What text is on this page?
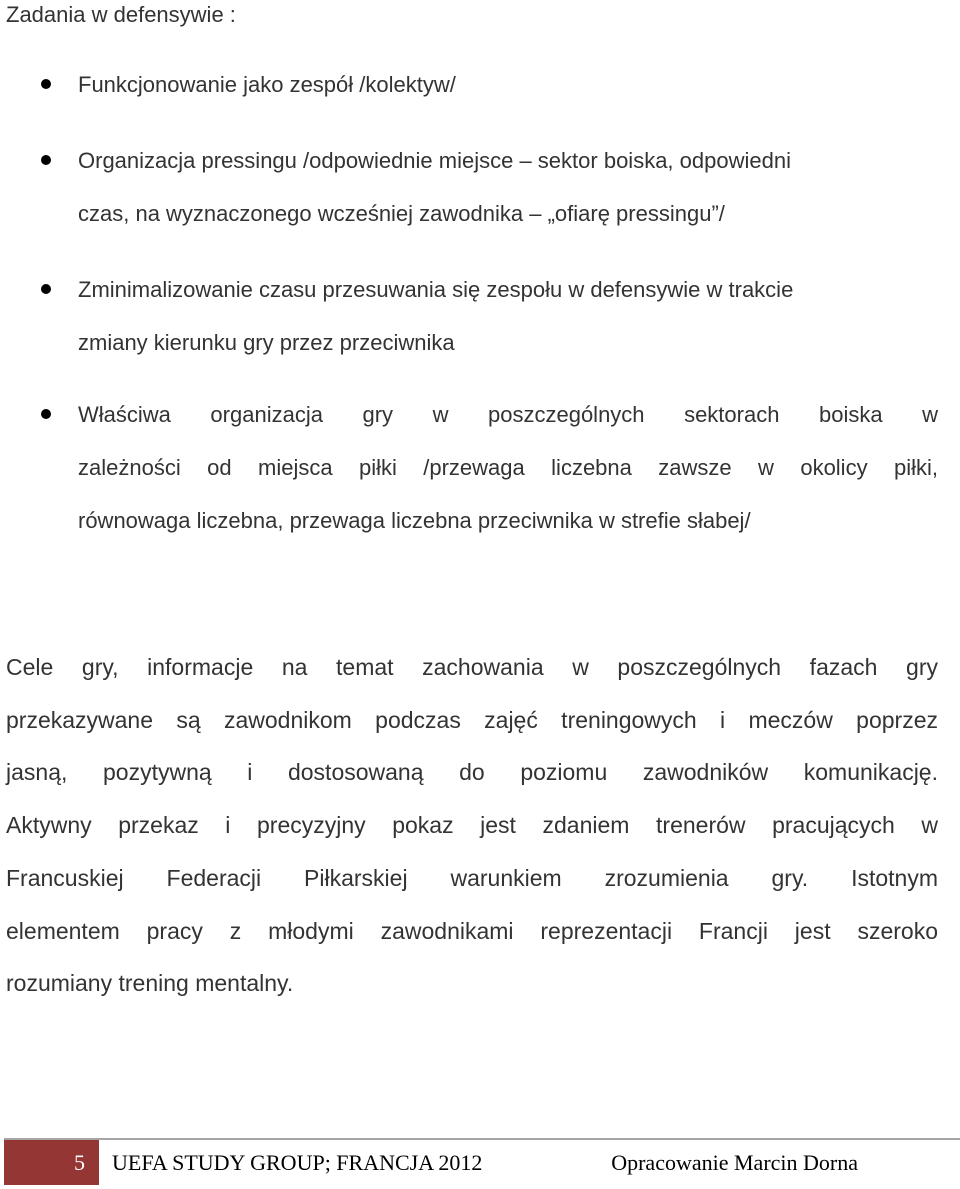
Zadania w defensywie :
Funkcjonowanie jako zespół /kolektyw/
Organizacja pressingu /odpowiednie miejsce – sektor boiska, odpowiedni
czas, na wyznaczonego wcześniej zawodnika – „ofiarę pressingu”/
Zminimalizowanie czasu przesuwania się zespołu w defensywie w trakcie
zmiany kierunku gry przez przeciwnika
Właściwa organizacja gry w poszczególnych sektorach boiska w
zależności od miejsca piłki /przewaga liczebna zawsze w okolicy piłki,
równowaga liczebna, przewaga liczebna przeciwnika w strefie słabej/
Cele gry, informacje na temat zachowania w poszczególnych fazach gry
przekazywane są zawodnikom podczas zajęć treningowych i meczów poprzez
jasną, pozytywną i dostosowaną do poziomu zawodników komunikację.
Aktywny przekaz i precyzyjny pokaz jest zdaniem trenerów pracujących w
Francuskiej Federacji Piłkarskiej warunkiem zrozumienia gry. Istotnym
elementem pracy z młodymi zawodnikami reprezentacji Francji jest szeroko
rozumiany trening mentalny.
5 UEFA STUDY GROUP; FRANCJA 2012	Opracowanie Marcin Dorna
